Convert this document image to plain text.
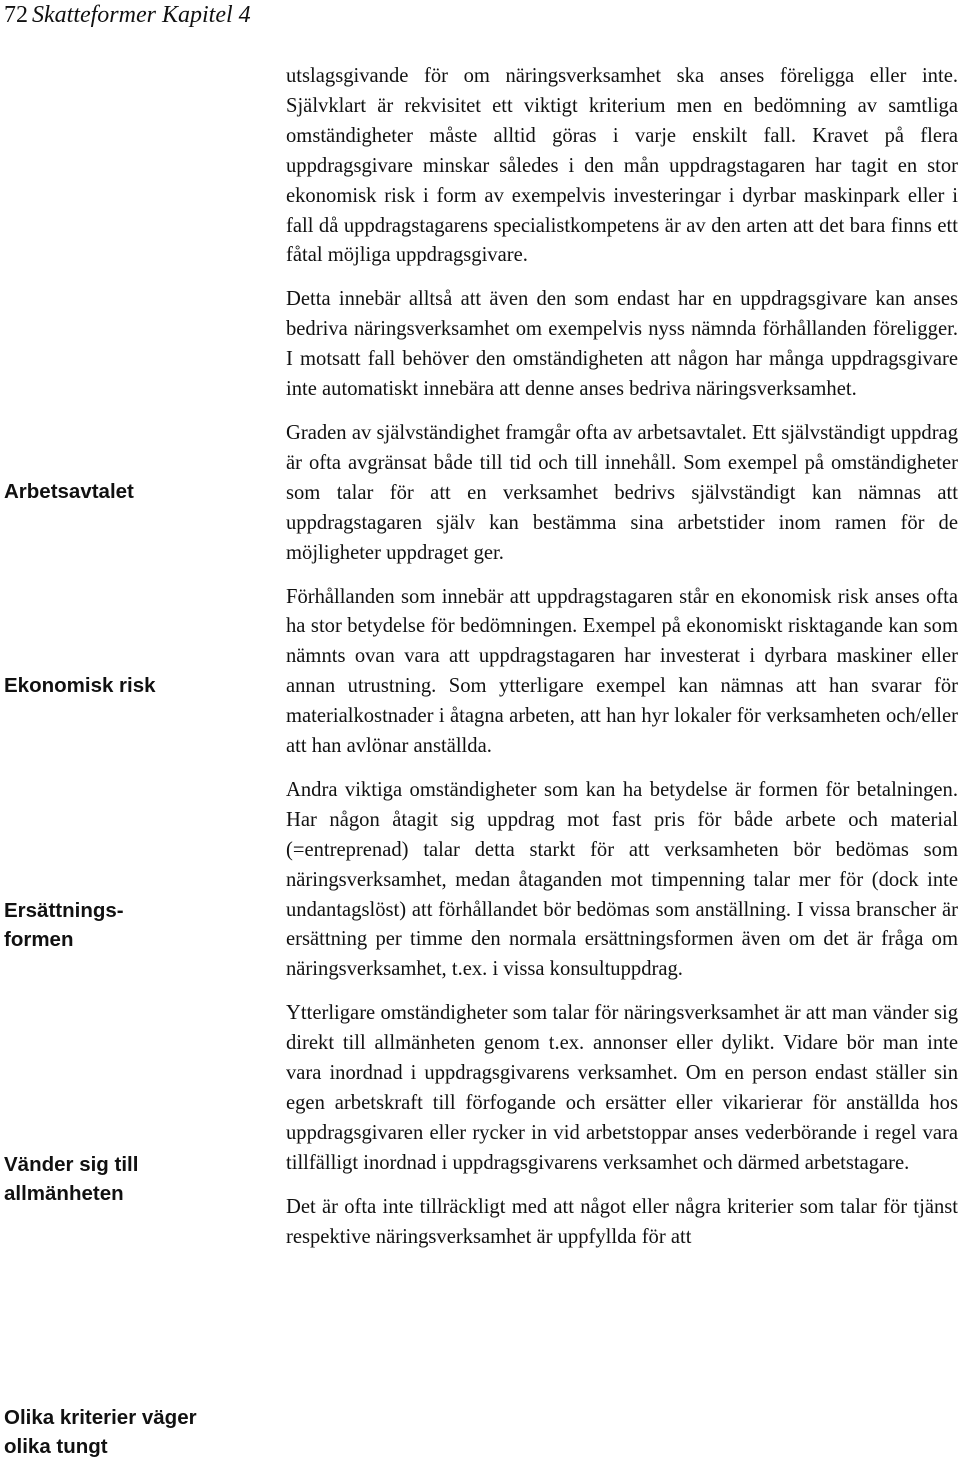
72 Skatteformer Kapitel 4
Arbetsavtalet
Ekonomisk risk
Ersättnings- formen
Vänder sig till allmänheten
Olika kriterier väger olika tungt

utslagsgivande för om näringsverksamhet ska anses föreligga eller inte. Självklart är rekvisitet ett viktigt kriterium men en bedömning av samtliga omständigheter måste alltid göras i varje enskilt fall. Kravet på flera uppdragsgivare minskar således i den mån uppdragstagaren har tagit en stor ekonomisk risk i form av exempelvis investeringar i dyrbar maskinpark eller i fall då uppdragstagarens specialistkompetens är av den arten att det bara finns ett fåtal möjliga uppdragsgivare.

Detta innebär alltså att även den som endast har en uppdragsgivare kan anses bedriva näringsverksamhet om exempelvis nyss nämnda förhållanden föreligger. I motsatt fall behöver den omständigheten att någon har många uppdragsgivare inte automatiskt innebära att denne anses bedriva näringsverksamhet.

Graden av självständighet framgår ofta av arbetsavtalet. Ett självständigt uppdrag är ofta avgränsat både till tid och till innehåll. Som exempel på omständigheter som talar för att en verksamhet bedrivs självständigt kan nämnas att uppdragstagaren själv kan bestämma sina arbetstider inom ramen för de möjligheter uppdraget ger.

Förhållanden som innebär att uppdragstagaren står en ekonomisk risk anses ofta ha stor betydelse för bedömningen. Exempel på ekonomiskt risktagande kan som nämnts ovan vara att uppdragstagaren har investerat i dyrbara maskiner eller annan utrustning. Som ytterligare exempel kan nämnas att han svarar för materialkostnader i åtagna arbeten, att han hyr lokaler för verksamheten och/eller att han avlönar anställda.

Andra viktiga omständigheter som kan ha betydelse är formen för betalningen. Har någon åtagit sig uppdrag mot fast pris för både arbete och material (=entreprenad) talar detta starkt för att verksamheten bör bedömas som näringsverksamhet, medan åtaganden mot timpenning talar mer för (dock inte undantagslöst) att förhållandet bör bedömas som anställning. I vissa branscher är ersättning per timme den normala ersättningsformen även om det är fråga om näringsverksamhet, t.ex. i vissa konsultuppdrag.

Ytterligare omständigheter som talar för näringsverksamhet är att man vänder sig direkt till allmänheten genom t.ex. annonser eller dylikt. Vidare bör man inte vara inordnad i uppdragsgivarens verksamhet. Om en person endast ställer sin egen arbetskraft till förfogande och ersätter eller vikarierar för anställda hos uppdragsgivaren eller rycker in vid arbetstoppar anses vederbörande i regel vara tillfälligt inordnad i uppdragsgivarens verksamhet och därmed arbetstagare.

Det är ofta inte tillräckligt med att något eller några kriterier som talar för tjänst respektive näringsverksamhet är uppfyllda för att
